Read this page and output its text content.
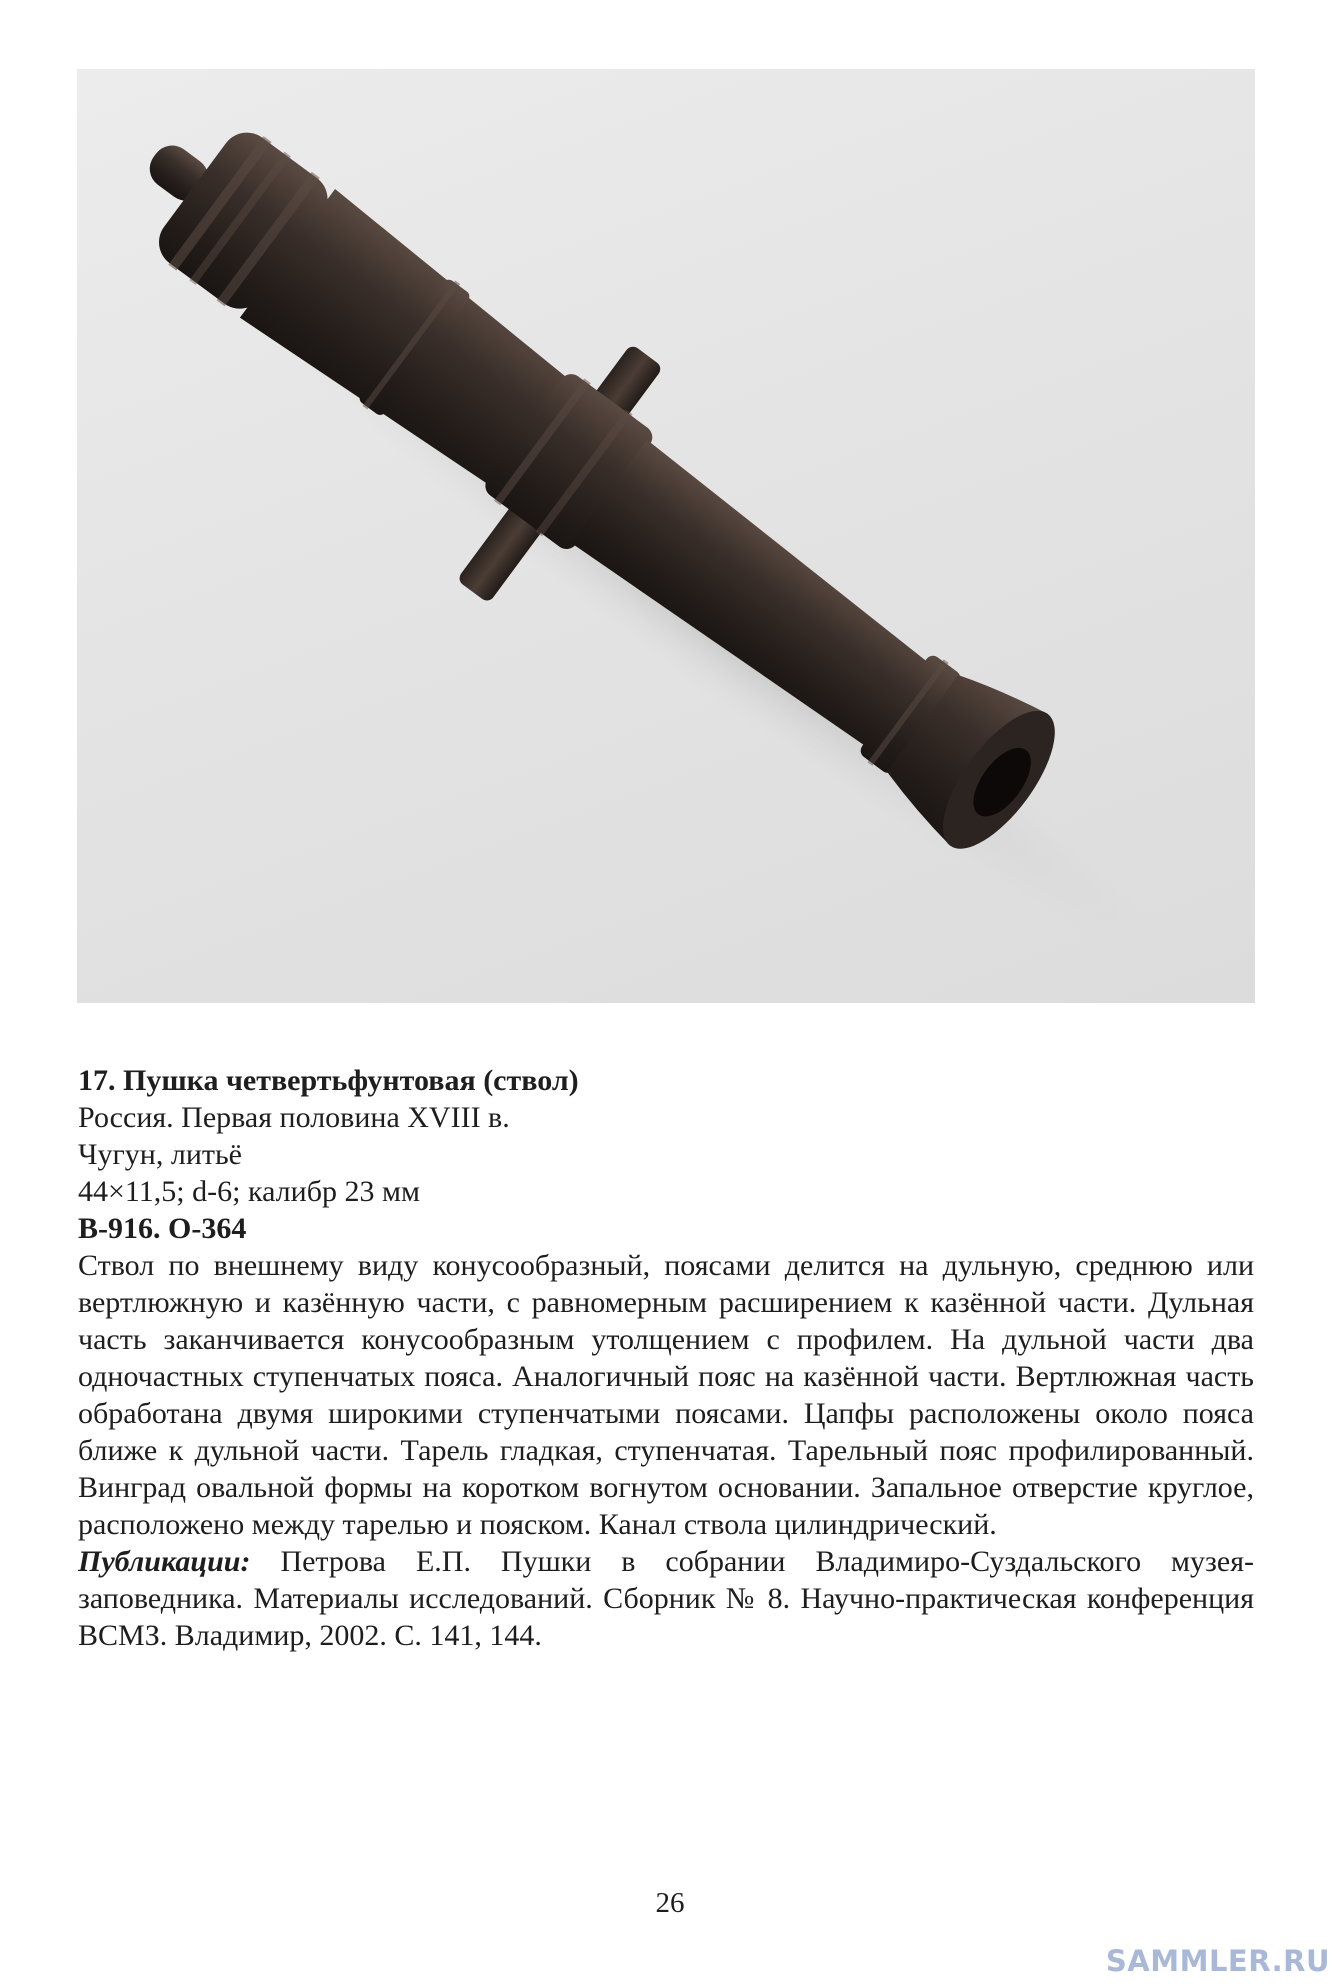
17. Пушка четвертьфунтовая (ствол)
Россия. Первая половина XVIII в.
Чугун, литьё
44×11,5; d-6; калибр 23 мм
В-916. О-364
Ствол по внешнему виду конусообразный, поясами делится на дульную, среднюю или вертлюжную и казённую части, с равномерным расширением к казённой части. Дульная часть заканчивается конусообразным утолщением с профилем. На дульной части два одночастных ступенчатых пояса. Аналогичный пояс на казённой части. Вертлюжная часть обработана двумя широкими ступенчатыми поясами. Цапфы расположены около пояса ближе к дульной части. Тарель гладкая, ступенчатая. Тарельный пояс профилированный. Винград овальной формы на коротком вогнутом основании. Запальное отверстие круглое, расположено между тарелью и пояском. Канал ствола цилиндрический.
Публикации: Петрова Е.П. Пушки в собрании Владимиро-Суздальского музея-заповедника. Материалы исследований. Сборник № 8. Научно-практическая конференция ВСМЗ. Владимир, 2002. С. 141, 144.
26
SAMMLER.RU
